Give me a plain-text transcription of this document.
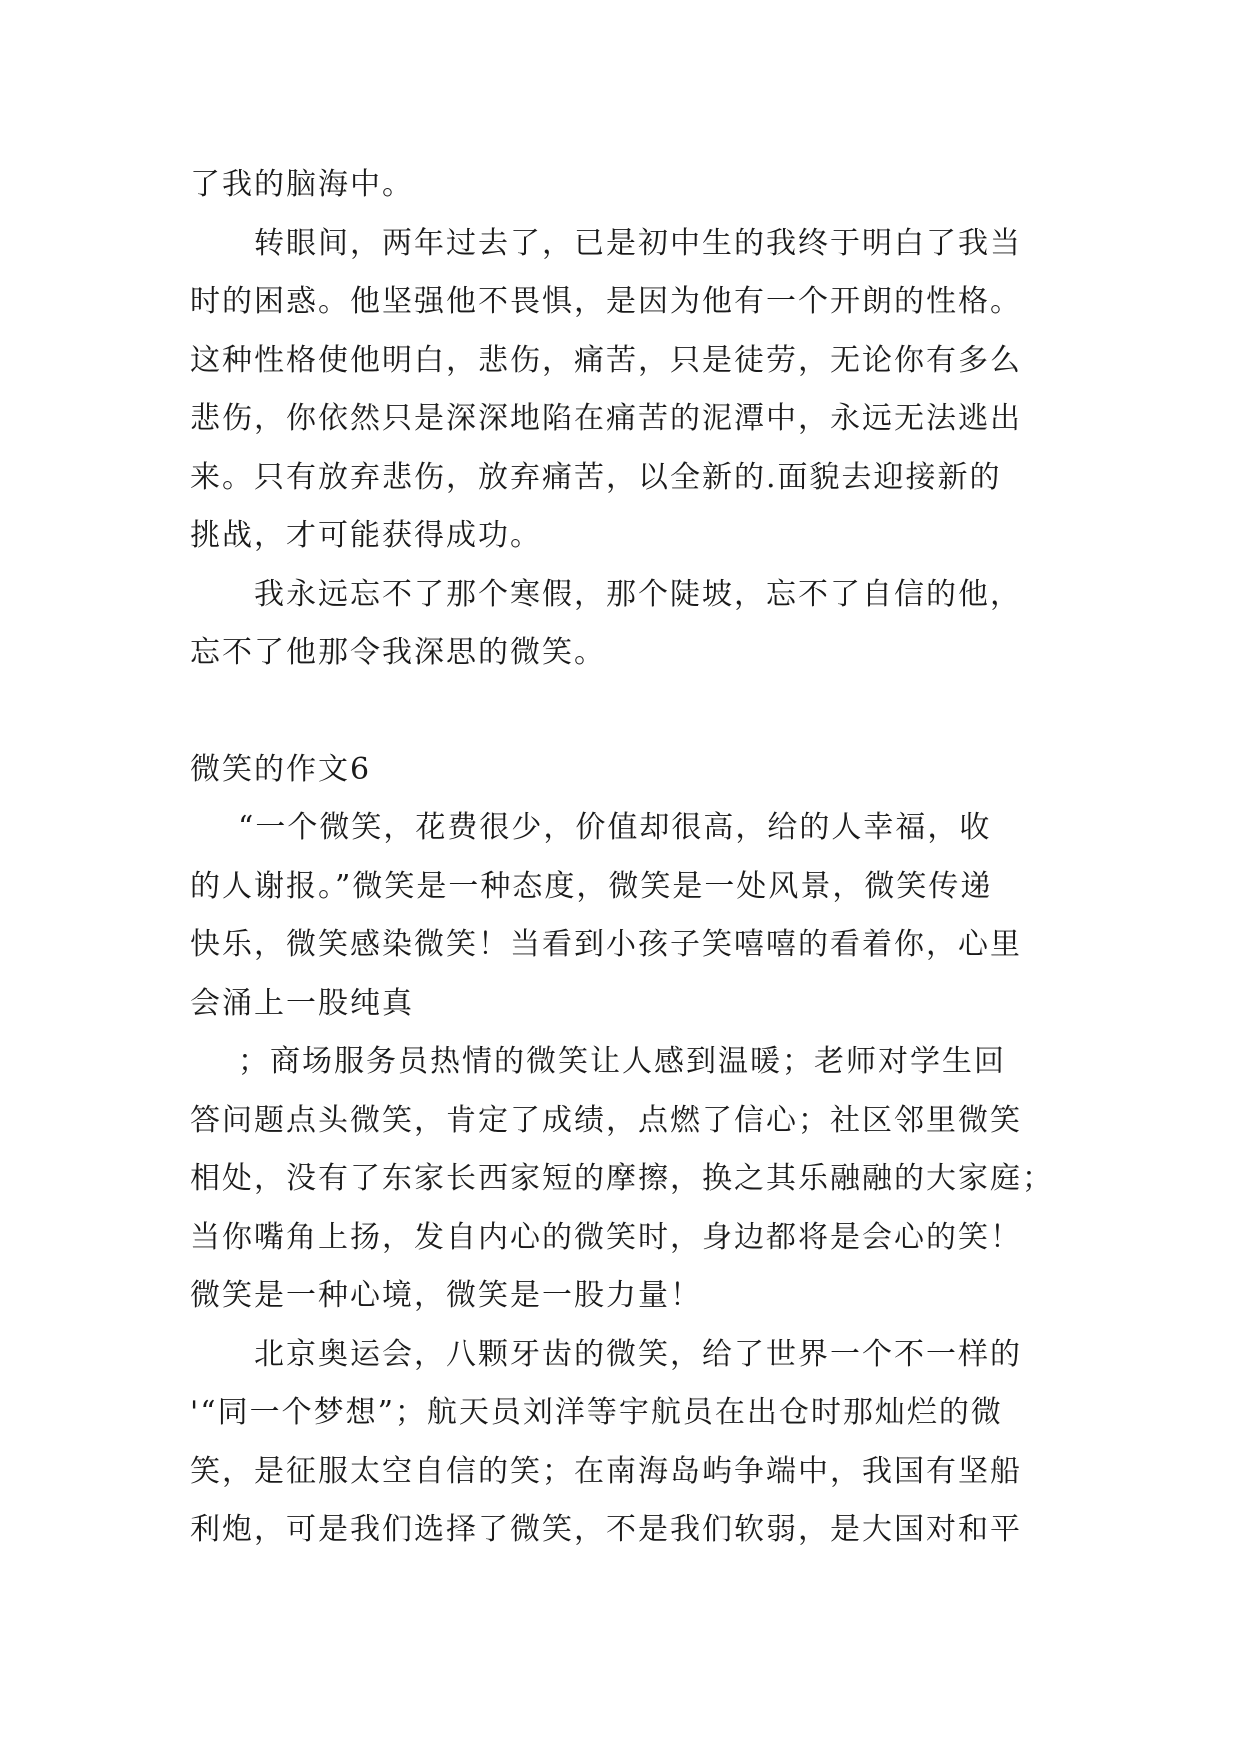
了我的脑海中。

转眼间，两年过去了，已是初中生的我终于明白了我当
时的困惑。他坚强他不畏惧，是因为他有一个开朗的性格。
这种性格使他明白，悲伤，痛苦，只是徒劳，无论你有多么
悲伤，你依然只是深深地陷在痛苦的泥潭中，永远无法逃出
来。只有放弃悲伤，放弃痛苦，以全新的.面貌去迎接新的
挑战，才可能获得成功。

我永远忘不了那个寒假，那个陡坡，忘不了自信的他，
忘不了他那令我深思的微笑。

微笑的作文6

“一个微笑，花费很少，价值却很高，给的人幸福，收
的人谢报。”微笑是一种态度，微笑是一处风景，微笑传递
快乐，微笑感染微笑！当看到小孩子笑嘻嘻的看着你，心里
会涌上一股纯真

；商场服务员热情的微笑让人感到温暖；老师对学生回
答问题点头微笑，肯定了成绩，点燃了信心；社区邻里微笑
相处，没有了东家长西家短的摩擦，换之其乐融融的大家庭；
当你嘴角上扬，发自内心的微笑时，身边都将是会心的笑！
微笑是一种心境，微笑是一股力量！

北京奥运会，八颗牙齿的微笑，给了世界一个不一样的
'“同一个梦想”；航天员刘洋等宇航员在出仓时那灿烂的微
笑，是征服太空自信的笑；在南海岛屿争端中，我国有坚船
利炮，可是我们选择了微笑，不是我们软弱，是大国对和平
